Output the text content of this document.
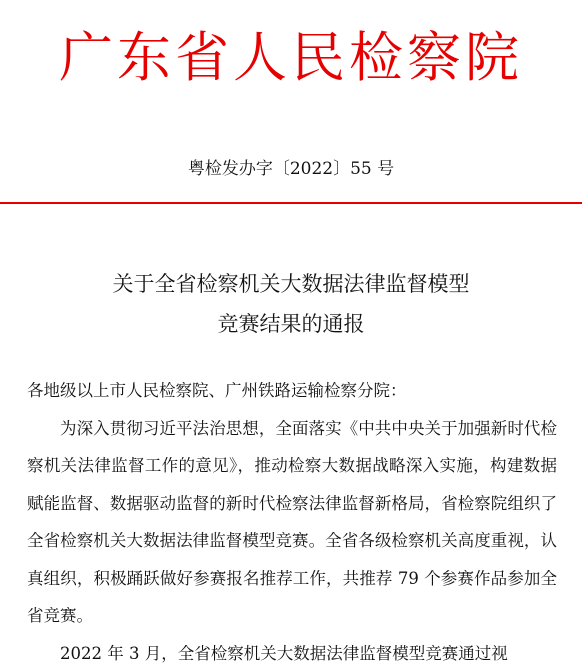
广东省人民检察院
粤检发办字〔2022〕55 号
关于全省检察机关大数据法律监督模型
竞赛结果的通报

各地级以上市人民检察院、广州铁路运输检察分院：

为深入贯彻习近平法治思想，全面落实《中共中央关于加强新时代检察机关法律监督工作的意见》，推动检察大数据战略深入实施，构建数据赋能监督、数据驱动监督的新时代检察法律监督新格局，省检察院组织了全省检察机关大数据法律监督模型竞赛。全省各级检察机关高度重视，认真组织，积极踊跃做好参赛报名推荐工作，共推荐 79 个参赛作品参加全省竞赛。

2022 年 3 月，全省检察机关大数据法律监督模型竞赛通过视
